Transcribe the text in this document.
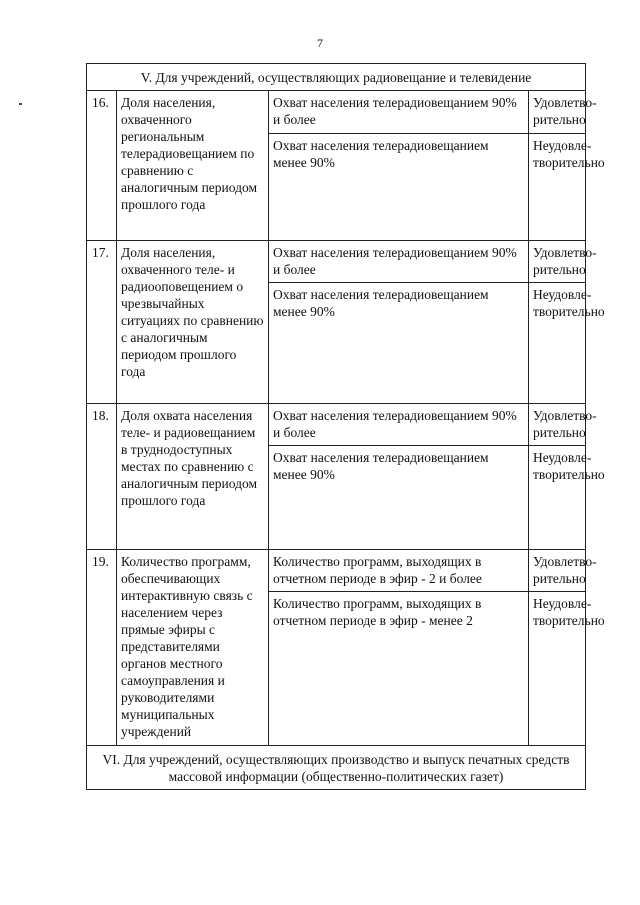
7
V. Для учреждений, осуществляющих радиовещание и телевидение			
16.	Доля населения, охваченного региональным телерадиовещанием по сравнению с аналогичным периодом прошлого года	Охват населения телерадиовещанием 90% и более	Удовлетво-рительно
		Охват населения телерадиовещанием менее 90%	Неудовле-творительно
17.	Доля населения, охваченного теле- и радиооповещением о чрезвычайных ситуациях по сравнению с аналогичным периодом прошлого года	Охват населения телерадиовещанием 90% и более	Удовлетво-рительно
		Охват населения телерадиовещанием менее 90%	Неудовле-творительно
18.	Доля охвата населения теле- и радиовещанием в труднодоступных местах по сравнению с аналогичным периодом прошлого года	Охват населения телерадиовещанием 90% и более	Удовлетво-рительно
		Охват населения телерадиовещанием менее 90%	Неудовле-творительно
19.	Количество программ, обеспечивающих интерактивную связь с населением через прямые эфиры с представителями органов местного самоуправления и руководителями муниципальных учреждений	Количество программ, выходящих в отчетном периоде в эфир - 2 и более	Удовлетво-рительно
		Количество программ, выходящих в отчетном периоде в эфир - менее 2	Неудовле-творительно
VI. Для учреждений, осуществляющих производство и выпуск печатных средств массовой информации (общественно-политических газет)			
